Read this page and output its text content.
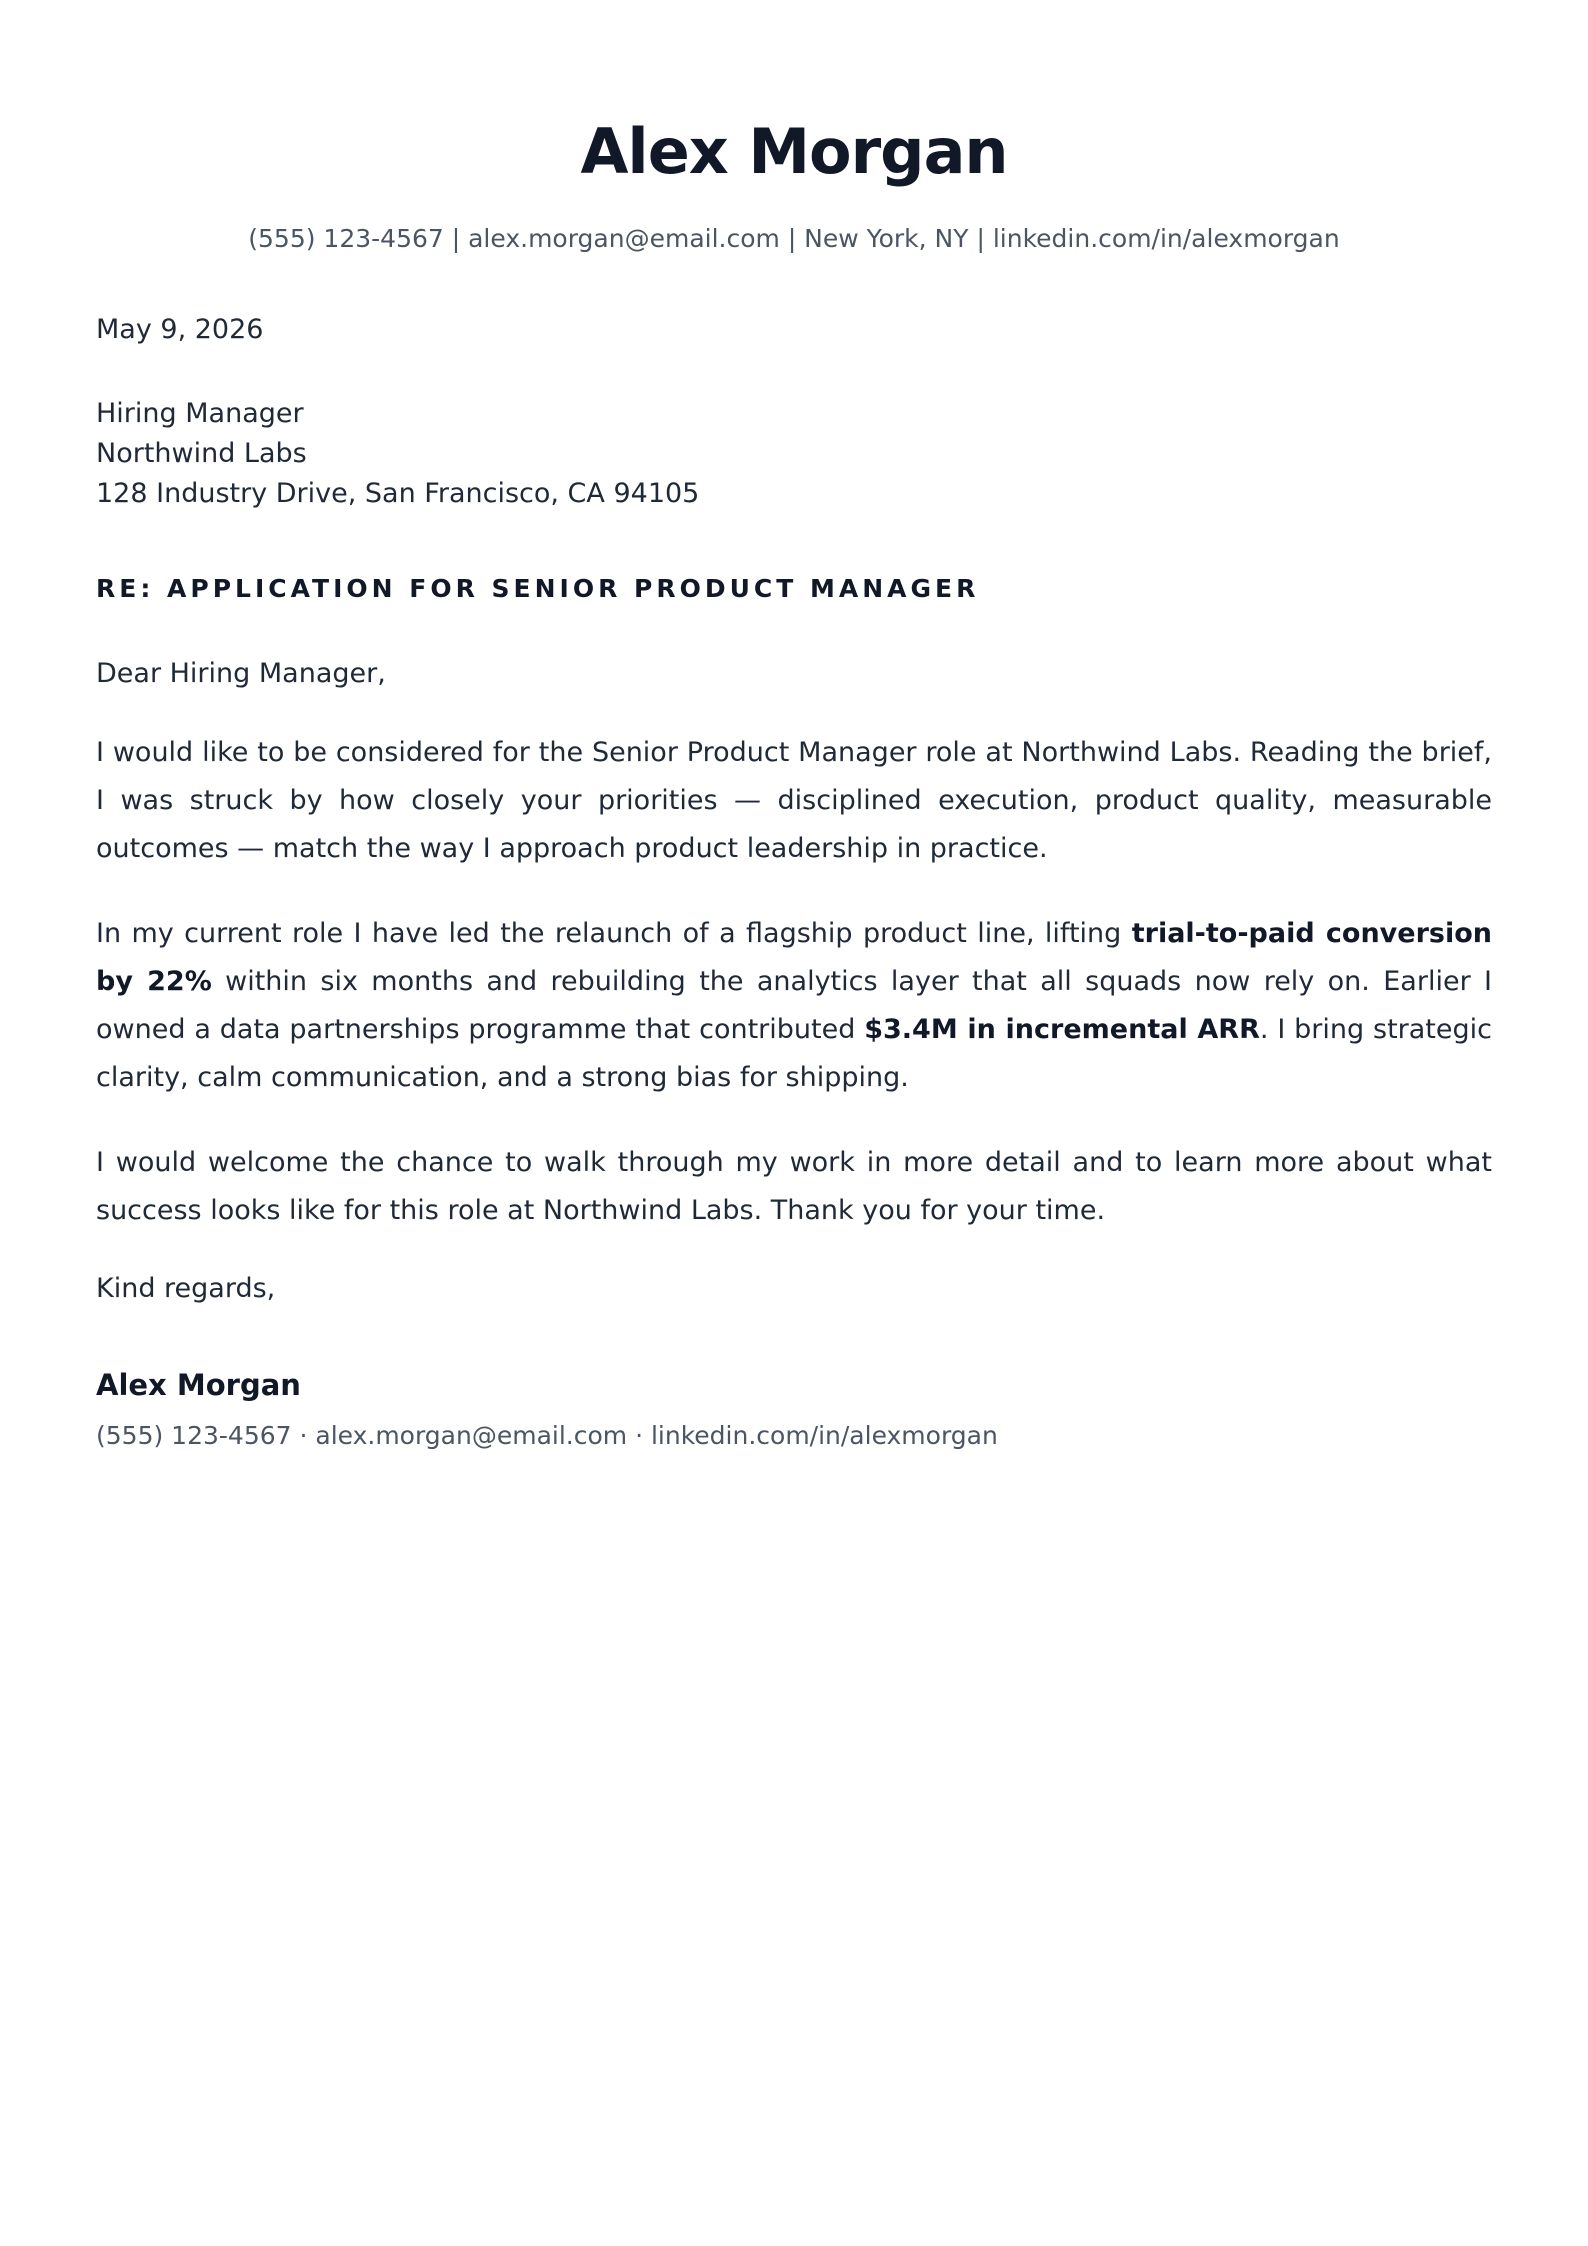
Alex Morgan
(555) 123-4567 | alex.morgan@email.com | New York, NY | linkedin.com/in/alexmorgan
May 9, 2026
Hiring Manager
Northwind Labs
128 Industry Drive, San Francisco, CA 94105
RE: APPLICATION FOR SENIOR PRODUCT MANAGER
Dear Hiring Manager,

I would like to be considered for the Senior Product Manager role at Northwind Labs. Reading the brief, I was struck by how closely your priorities — disciplined execution, product quality, measurable outcomes — match the way I approach product leadership in practice.

In my current role I have led the relaunch of a flagship product line, lifting trial-to-paid conversion by 22% within six months and rebuilding the analytics layer that all squads now rely on. Earlier I owned a data partnerships programme that contributed $3.4M in incremental ARR. I bring strategic clarity, calm communication, and a strong bias for shipping.

I would welcome the chance to walk through my work in more detail and to learn more about what success looks like for this role at Northwind Labs. Thank you for your time.

Kind regards,
Alex Morgan
(555) 123-4567 · alex.morgan@email.com · linkedin.com/in/alexmorgan
